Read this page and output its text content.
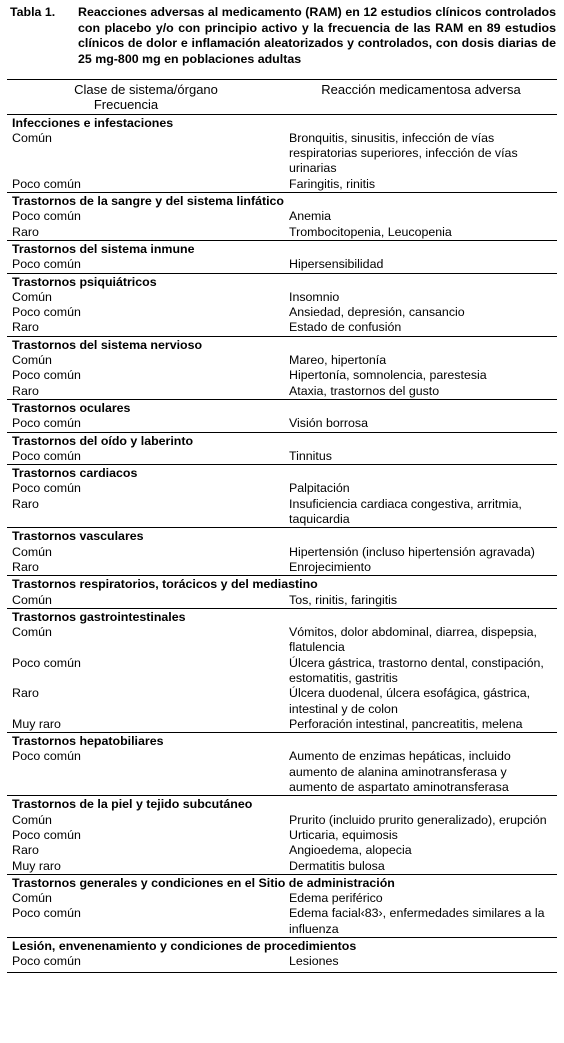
Tabla 1. Reacciones adversas al medicamento (RAM) en 12 estudios clínicos controlados con placebo y/o con principio activo y la frecuencia de las RAM en 89 estudios clínicos de dolor e inflamación aleatorizados y controlados, con dosis diarias de 25 mg-800 mg en poblaciones adultas
Clase de sistema/órgano
Frecuencia	Reacción medicamentosa adversa
Infecciones e infestaciones	
Común	Bronquitis, sinusitis, infección de vías respiratorias superiores, infección de vías urinarias
Poco común	Faringitis, rinitis
Trastornos de la sangre y del sistema linfático	
Poco común	Anemia
Raro	Trombocitopenia, Leucopenia
Trastornos del sistema inmune	
Poco común	Hipersensibilidad
Trastornos psiquiátricos	
Común	Insomnio
Poco común	Ansiedad, depresión, cansancio
Raro	Estado de confusión
Trastornos del sistema nervioso	
Común	Mareo, hipertonía
Poco común	Hipertonía, somnolencia, parestesia
Raro	Ataxia, trastornos del gusto
Trastornos oculares	
Poco común	Visión borrosa
Trastornos del oído y laberinto	
Poco común	Tinnitus
Trastornos cardiacos	
Poco común	Palpitación
Raro	Insuficiencia cardiaca congestiva, arritmia, taquicardia
Trastornos vasculares	
Común	Hipertensión (incluso hipertensión agravada)
Raro	Enrojecimiento
Trastornos respiratorios, torácicos y del mediastino	
Común	Tos, rinitis, faringitis
Trastornos gastrointestinales	
Común	Vómitos, dolor abdominal, diarrea, dispepsia, flatulencia
Poco común	Úlcera gástrica, trastorno dental, constipación, estomatitis, gastritis
Raro	Úlcera duodenal, úlcera esofágica, gástrica, intestinal y de colon
Muy raro	Perforación intestinal, pancreatitis, melena
Trastornos hepatobiliares	
Poco común	Aumento de enzimas hepáticas, incluido aumento de alanina aminotransferasa y aumento de aspartato aminotransferasa
Trastornos de la piel y tejido subcutáneo	
Común	Prurito (incluido prurito generalizado), erupción
Poco común	Urticaria, equimosis
Raro	Angioedema, alopecia
Muy raro	Dermatitis bulosa
Trastornos generales y condiciones en el Sitio de administración	
Común	Edema periférico
Poco común	Edema facial‹83›, enfermedades similares a la influenza
Lesión, envenenamiento y condiciones de procedimientos	
Poco común	Lesiones
